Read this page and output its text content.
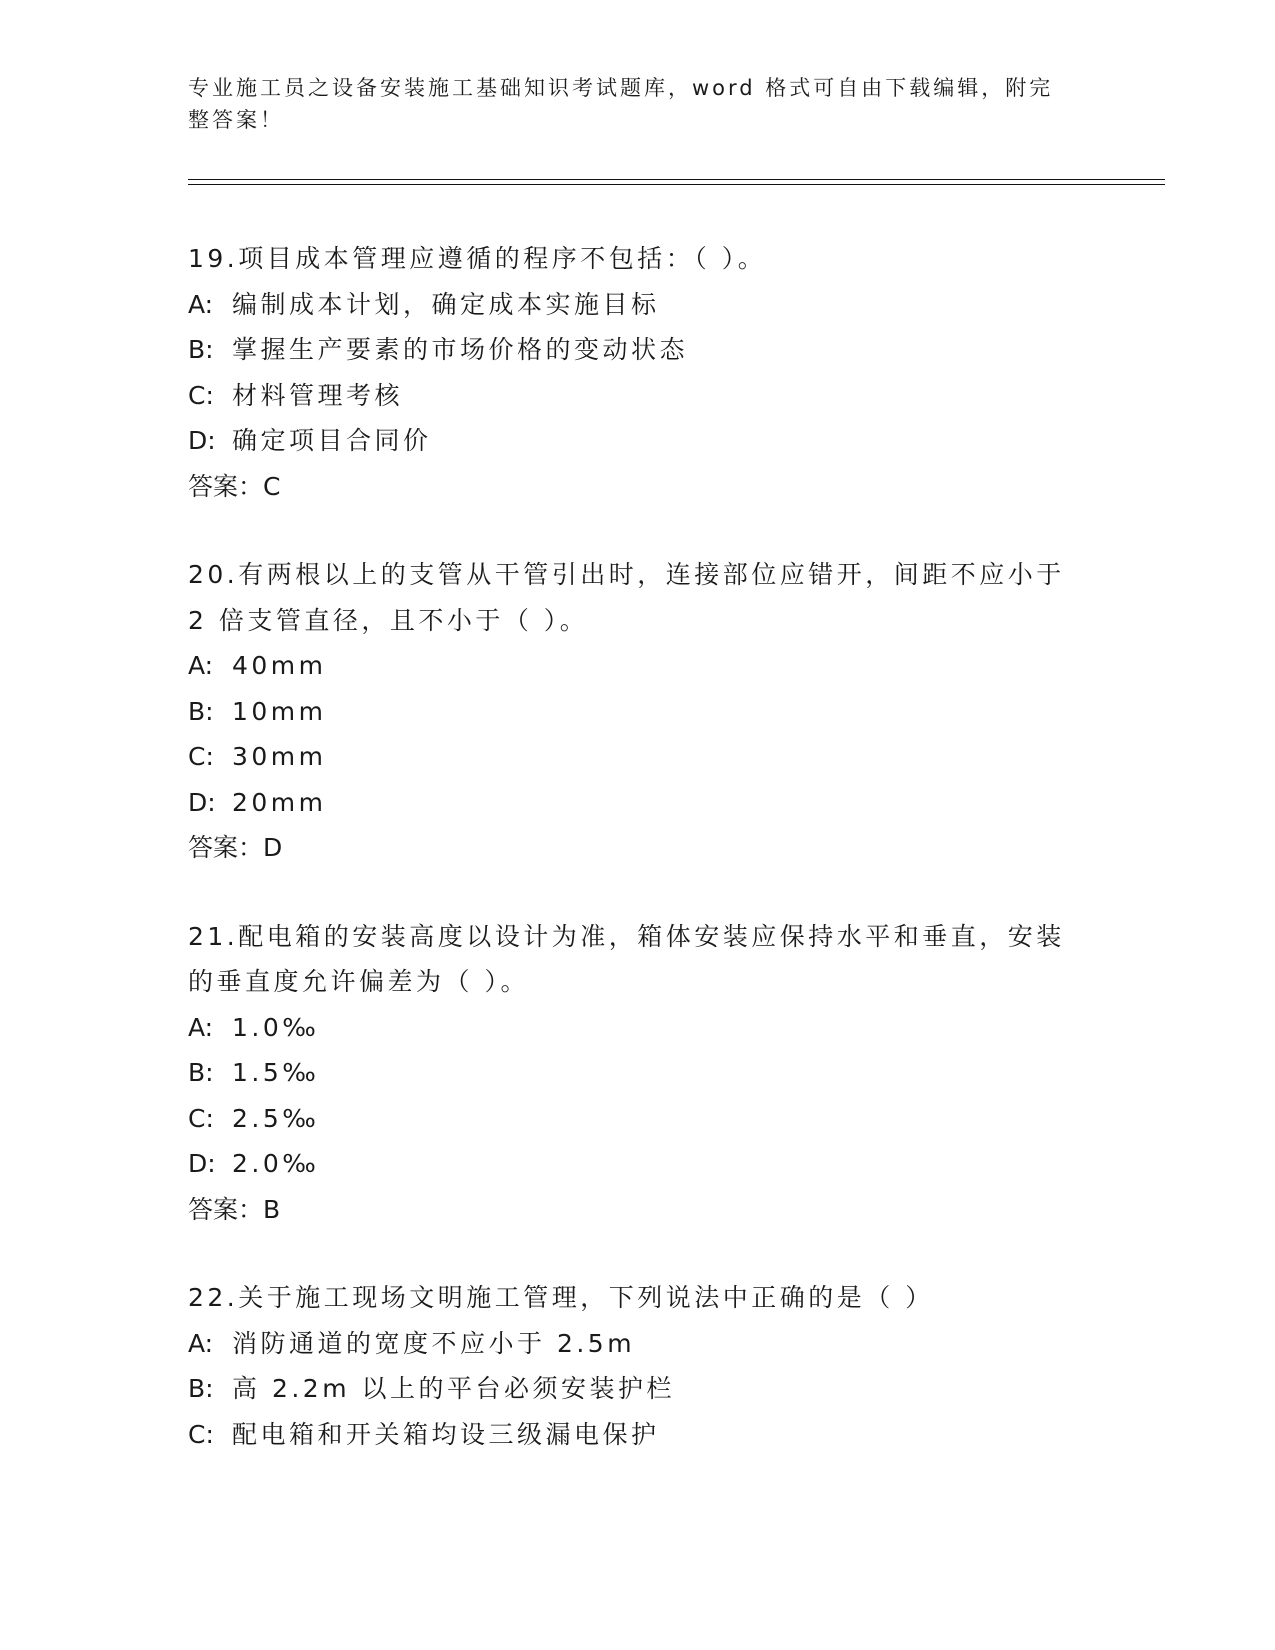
专业施工员之设备安装施工基础知识考试题库，word 格式可自由下载编辑，附完
整答案！
19.项目成本管理应遵循的程序不包括：（ ）。
A: 编制成本计划，确定成本实施目标
B: 掌握生产要素的市场价格的变动状态
C: 材料管理考核
D: 确定项目合同价
答案：C
20.有两根以上的支管从干管引出时，连接部位应错开，间距不应小于
2 倍支管直径，且不小于（ ）。
A: 40mm
B: 10mm
C: 30mm
D: 20mm
答案：D
21.配电箱的安装高度以设计为准，箱体安装应保持水平和垂直，安装
的垂直度允许偏差为（ ）。
A: 1.0‰
B: 1.5‰
C: 2.5‰
D: 2.0‰
答案：B
22.关于施工现场文明施工管理，下列说法中正确的是（ ）
A: 消防通道的宽度不应小于 2.5m
B: 高 2.2m 以上的平台必须安装护栏
C: 配电箱和开关箱均设三级漏电保护
